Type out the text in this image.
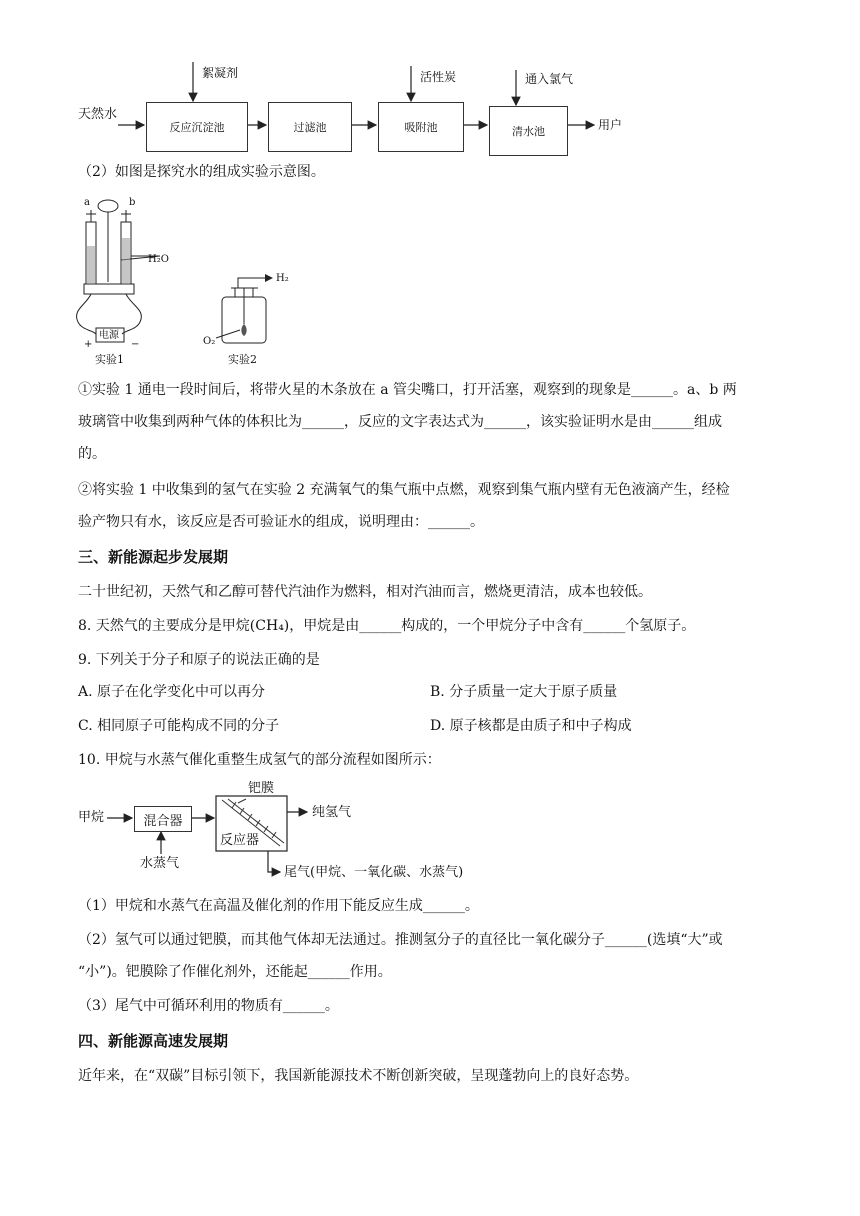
天然水
反应沉淀池	过滤池	吸附池	清水池
絮凝剂	活性炭	通入氯气
用户
（2）如图是探究水的组成实验示意图。
a	b
H₂O
电源
+	−
实验1
H₂
O₂
实验2
①实验 1 通电一段时间后，将带火星的木条放在 a 管尖嘴口，打开活塞，观察到的现象是______。a、b 两
玻璃管中收集到两种气体的体积比为______，反应的文字表达式为______，该实验证明水是由______组成
的。
②将实验 1 中收集到的氢气在实验 2 充满氧气的集气瓶中点燃，观察到集气瓶内壁有无色液滴产生，经检
验产物只有水，该反应是否可验证水的组成，说明理由：______。
三、新能源起步发展期
二十世纪初，天然气和乙醇可替代汽油作为燃料，相对汽油而言，燃烧更清洁，成本也较低。
8. 天然气的主要成分是甲烷(CH₄)，甲烷是由______构成的，一个甲烷分子中含有______个氢原子。
9. 下列关于分子和原子的说法正确的是
A. 原子在化学变化中可以再分	B. 分子质量一定大于原子质量
C. 相同原子可能构成不同的分子	D. 原子核都是由质子和中子构成
10. 甲烷与水蒸气催化重整生成氢气的部分流程如图所示：
甲烷	混合器
水蒸气
钯膜
反应器
纯氢气
尾气(甲烷、一氧化碳、水蒸气)
（1）甲烷和水蒸气在高温及催化剂的作用下能反应生成______。
（2）氢气可以通过钯膜，而其他气体却无法通过。推测氢分子的直径比一氧化碳分子______(选填“大”或
“小”)。钯膜除了作催化剂外，还能起______作用。
（3）尾气中可循环利用的物质有______。
四、新能源高速发展期
近年来，在“双碳”目标引领下，我国新能源技术不断创新突破，呈现蓬勃向上的良好态势。
